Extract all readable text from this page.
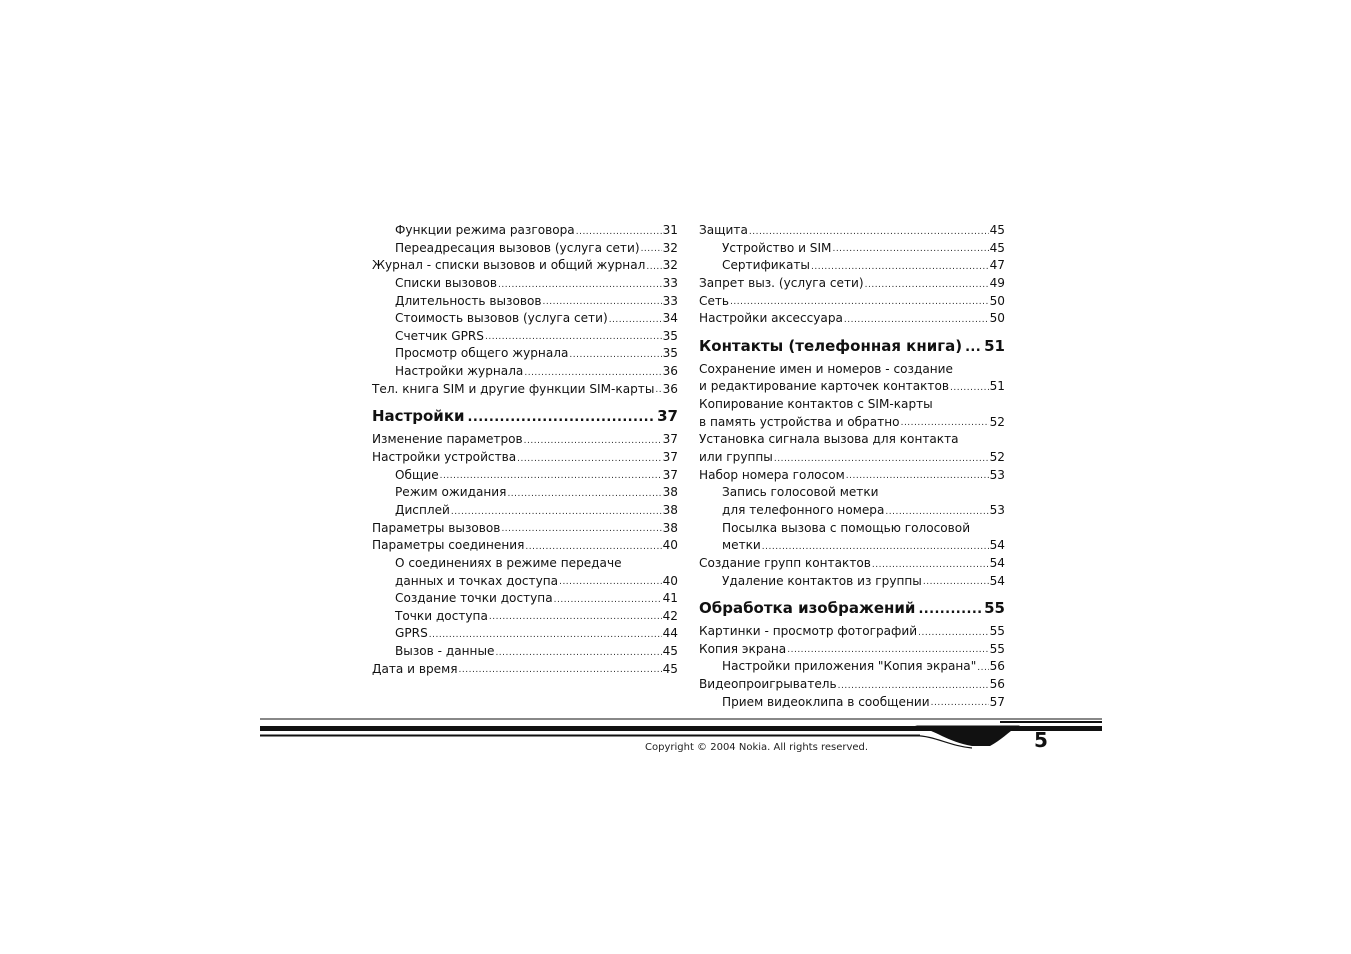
Функции режима разговора .....	31
Переадресация вызовов (услуга сети) ..... 32
Журнал - списки вызовов и общий журнал ..... 32
Списки вызовов .....	33
Длительность вызовов .....	33
Стоимость вызовов (услуга сети) .....	34
Счетчик GPRS .....	35
Просмотр общего журнала .....	35
Настройки журнала .....	36
Тел. книга SIM и другие функции SIM-карты ..... 36
Настройки .....	37
Изменение параметров .....	37
Настройки устройства .....	37
Общие .....	37
Режим ожидания .....	38
Дисплей .....	38
Параметры вызовов .....	38
Параметры соединения .....	40
О соединениях в режиме передаче
данных и точках доступа .....	40
Создание точки доступа .....	41
Точки доступа .....	42
GPRS .....	44
Вызов - данные .....	45
Дата и время .....	45
Защита .....	45
Устройство и SIM .....	45
Сертификаты .....	47
Запрет выз. (услуга сети) .....	49
Сеть .....	50
Настройки аксессуара .....	50
Контакты (телефонная книга) ..... 51
Сохранение имен и номеров - создание
и редактирование карточек контактов .....	51
Копирование контактов с SIM-карты
в память устройства и обратно .....	52
Установка сигнала вызова для контакта
или группы .....	52
Набор номера голосом .....	53
Запись голосовой метки
для телефонного номера .....	53
Посылка вызова с помощью голосовой
метки .....	54
Создание групп контактов .....	54
Удаление контактов из группы .....	54
Обработка изображений .....	55
Картинки - просмотр фотографий .....	55
Копия экрана .....	55
Настройки приложения "Копия экрана" ..... 56
Видеопроигрыватель .....	56
Прием видеоклипа в сообщении .....	57
Copyright © 2004 Nokia. All rights reserved.	5
